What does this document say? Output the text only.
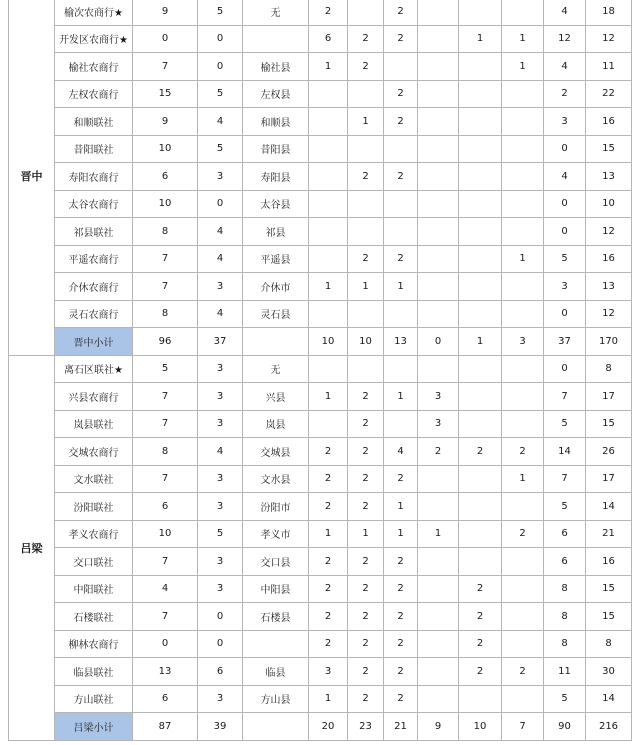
晋中	榆次农商行★	9	5	无	2		2				4	18
	开发区农商行★	0	0		6	2	2		1	1	12	12
	榆社农商行	7	0	榆社县	1	2				1	4	11
	左权农商行	15	5	左权县			2				2	22
	和顺联社	9	4	和顺县		1	2				3	16
	昔阳联社	10	5	昔阳县							0	15
	寿阳农商行	6	3	寿阳县		2	2				4	13
	太谷农商行	10	0	太谷县							0	10
	祁县联社	8	4	祁县							0	12
	平遥农商行	7	4	平遥县		2	2			1	5	16
	介休农商行	7	3	介休市	1	1	1				3	13
	灵石农商行	8	4	灵石县							0	12
	晋中小计	96	37		10	10	13	0	1	3	37	170
吕梁	离石区联社★	5	3	无							0	8
	兴县农商行	7	3	兴县	1	2	1	3			7	17
	岚县联社	7	3	岚县		2		3			5	15
	交城农商行	8	4	交城县	2	2	4	2	2	2	14	26
	文水联社	7	3	文水县	2	2	2			1	7	17
	汾阳联社	6	3	汾阳市	2	2	1				5	14
	孝义农商行	10	5	孝义市	1	1	1	1		2	6	21
	交口联社	7	3	交口县	2	2	2				6	16
	中阳联社	4	3	中阳县	2	2	2		2		8	15
	石楼联社	7	0	石楼县	2	2	2		2		8	15
	柳林农商行	0	0		2	2	2		2		8	8
	临县联社	13	6	临县	3	2	2		2	2	11	30
	方山联社	6	3	方山县	1	2	2				5	14
	吕梁小计	87	39		20	23	21	9	10	7	90	216
